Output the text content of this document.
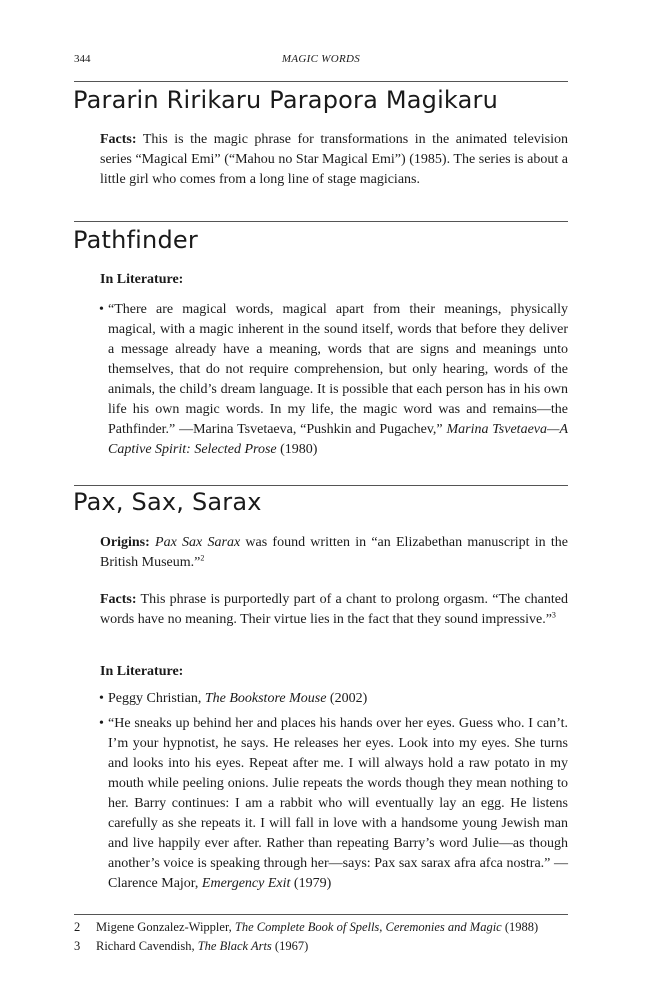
344	MAGIC WORDS
Pararin Ririkaru Parapora Magikaru

Facts: This is the magic phrase for transformations in the animated television series “Magical Emi” (“Mahou no Star Magical Emi”) (1985). The series is about a little girl who comes from a long line of stage magicians.

Pathfinder
In Literature:
• “There are magical words, magical apart from their meanings, physically magical, with a magic inherent in the sound itself, words that before they deliver a message already have a meaning, words that are signs and meanings unto themselves, that do not require comprehension, but only hearing, words of the animals, the child’s dream language. It is possible that each person has in his own life his own magic words. In my life, the magic word was and remains—the Pathfinder.” —Marina Tsvetaeva, “Pushkin and Pugachev,” Marina Tsvetaeva—A Captive Spirit: Selected Prose (1980)
Pax, Sax, Sarax

Origins: Pax Sax Sarax was found written in “an Elizabethan manuscript in the British Museum.”$^2$

Facts: This phrase is purportedly part of a chant to prolong orgasm. “The chanted words have no meaning. Their virtue lies in the fact that they sound impressive.”$^3$

In Literature:
• Peggy Christian, The Bookstore Mouse (2002)
• “He sneaks up behind her and places his hands over her eyes. Guess who. I can’t. I’m your hypnotist, he says. He releases her eyes. Look into my eyes. She turns and looks into his eyes. Repeat after me. I will always hold a raw potato in my mouth while peeling onions. Julie repeats the words though they mean nothing to her. Barry continues: I am a rabbit who will eventually lay an egg. He listens carefully as she repeats it. I will fall in love with a handsome young Jewish man and live happily ever after. Rather than repeating Barry’s word Julie—as though another’s voice is speaking through her—says: Pax sax sarax afra afca nostra.” —Clarence Major, Emergency Exit (1979)
2 Migene Gonzalez-Wippler, The Complete Book of Spells, Ceremonies and Magic (1988)
3 Richard Cavendish, The Black Arts (1967)
